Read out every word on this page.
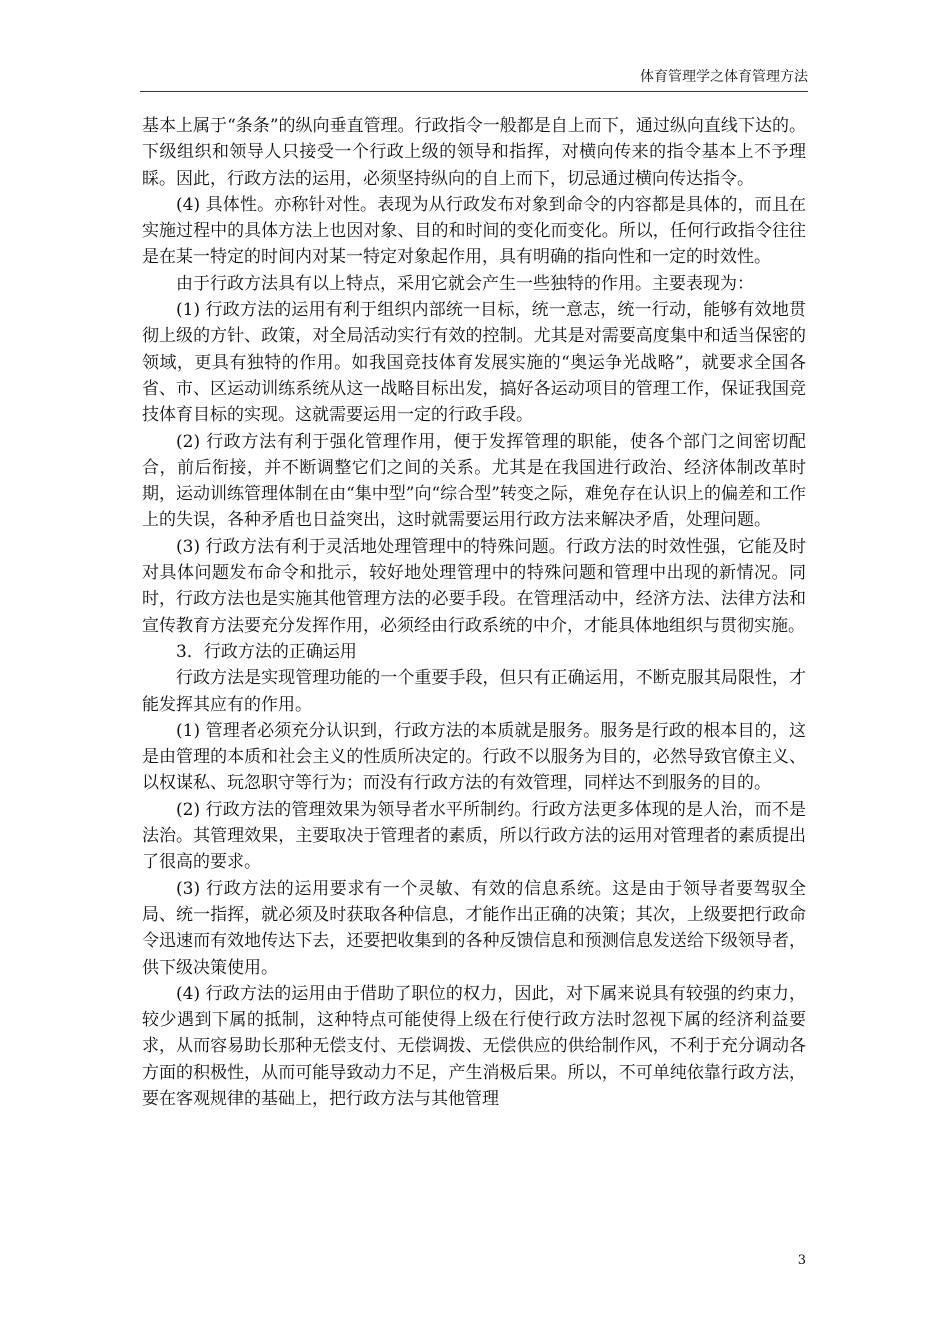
体育管理学之体育管理方法

基本上属于“条条”的纵向垂直管理。行政指令一般都是自上而下，通过纵向直线下达的。下级组织和领导人只接受一个行政上级的领导和指挥，对横向传来的指令基本上不予理睬。因此，行政方法的运用，必须坚持纵向的自上而下，切忌通过横向传达指令。

(4) 具体性。亦称针对性。表现为从行政发布对象到命令的内容都是具体的，而且在实施过程中的具体方法上也因对象、目的和时间的变化而变化。所以，任何行政指令往往是在某一特定的时间内对某一特定对象起作用，具有明确的指向性和一定的时效性。

由于行政方法具有以上特点，采用它就会产生一些独特的作用。主要表现为：

(1) 行政方法的运用有利于组织内部统一目标，统一意志，统一行动，能够有效地贯彻上级的方针、政策，对全局活动实行有效的控制。尤其是对需要高度集中和适当保密的领域，更具有独特的作用。如我国竞技体育发展实施的“奥运争光战略”，就要求全国各省、市、区运动训练系统从这一战略目标出发，搞好各运动项目的管理工作，保证我国竞技体育目标的实现。这就需要运用一定的行政手段。

(2) 行政方法有利于强化管理作用，便于发挥管理的职能，使各个部门之间密切配合，前后衔接，并不断调整它们之间的关系。尤其是在我国进行政治、经济体制改革时期，运动训练管理体制在由“集中型”向“综合型”转变之际，难免存在认识上的偏差和工作上的失误，各种矛盾也日益突出，这时就需要运用行政方法来解决矛盾，处理问题。

(3) 行政方法有利于灵活地处理管理中的特殊问题。行政方法的时效性强，它能及时对具体问题发布命令和批示，较好地处理管理中的特殊问题和管理中出现的新情况。同时，行政方法也是实施其他管理方法的必要手段。在管理活动中，经济方法、法律方法和宣传教育方法要充分发挥作用，必须经由行政系统的中介，才能具体地组织与贯彻实施。

3．行政方法的正确运用

行政方法是实现管理功能的一个重要手段，但只有正确运用，不断克服其局限性，才能发挥其应有的作用。

(1) 管理者必须充分认识到，行政方法的本质就是服务。服务是行政的根本目的，这是由管理的本质和社会主义的性质所决定的。行政不以服务为目的，必然导致官僚主义、以权谋私、玩忽职守等行为；而没有行政方法的有效管理，同样达不到服务的目的。

(2) 行政方法的管理效果为领导者水平所制约。行政方法更多体现的是人治，而不是法治。其管理效果，主要取决于管理者的素质，所以行政方法的运用对管理者的素质提出了很高的要求。

(3) 行政方法的运用要求有一个灵敏、有效的信息系统。这是由于领导者要驾驭全局、统一指挥，就必须及时获取各种信息，才能作出正确的决策；其次，上级要把行政命令迅速而有效地传达下去，还要把收集到的各种反馈信息和预测信息发送给下级领导者，供下级决策使用。

(4) 行政方法的运用由于借助了职位的权力，因此，对下属来说具有较强的约束力，较少遇到下属的抵制，这种特点可能使得上级在行使行政方法时忽视下属的经济利益要求，从而容易助长那种无偿支付、无偿调拨、无偿供应的供给制作风，不利于充分调动各方面的积极性，从而可能导致动力不足，产生消极后果。所以，不可单纯依靠行政方法，要在客观规律的基础上，把行政方法与其他管理

3
